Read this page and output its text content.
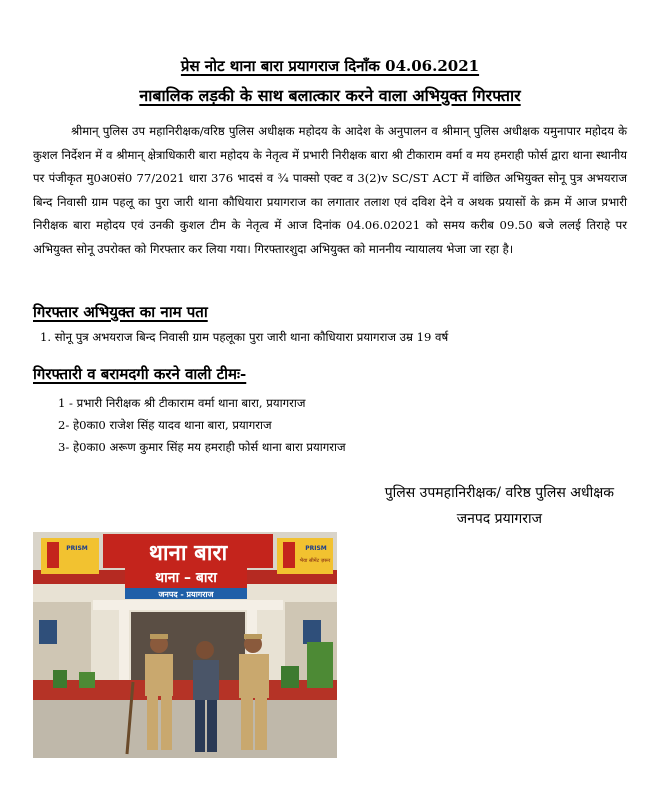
प्रेस नोट थाना बारा प्रयागराज दिनाँक 04.06.2021

नाबालिक लड़की के साथ बलात्कार करने वाला अभियुक्त गिरफ्तार

श्रीमान् पुलिस उप महानिरीक्षक/वरिष्ठ पुलिस अधीक्षक महोदय के आदेश के अनुपालन व श्रीमान् पुलिस अधीक्षक यमुनापार महोदय के कुशल निर्देशन में व श्रीमान् क्षेत्राधिकारी बारा महोदय के नेतृत्व में प्रभारी निरीक्षक बारा श्री टीकाराम वर्मा व मय हमराही फोर्स द्वारा थाना स्थानीय पर पंजीकृत मु0अ0सं0 77/2021 धारा 376 भादसं व ¾ पाक्सो एक्ट व 3(2)v SC/ST ACT में वांछित अभियुक्त सोनू पुत्र अभयराज बिन्द निवासी ग्राम पहलू का पुरा जारी थाना कौधियारा प्रयागराज का लगातार तलाश एवं दविश देने व अथक प्रयासों के क्रम में आज प्रभारी निरीक्षक बारा महोदय एवं उनकी कुशल टीम के नेतृत्व में आज दिनांक 04.06.02021 को समय करीब 09.50 बजे ललई तिराहे पर अभियुक्त सोनू उपरोक्त को गिरफ्तार कर लिया गया। गिरफ्तारशुदा अभियुक्त को माननीय न्यायालय भेजा जा रहा है।

गिरफ्तार अभियुक्त का नाम पता

1. सोनू पुत्र अभयराज बिन्द निवासी ग्राम पहलूका पुरा जारी थाना कौधियारा प्रयागराज उम्र 19 वर्ष

गिरफ्तारी व बरामदगी करने वाली टीमः-

1 - प्रभारी निरीक्षक श्री टीकाराम वर्मा थाना बारा, प्रयागराज
2- हे0का0 राजेश सिंह यादव थाना बारा, प्रयागराज
3- हे0का0 अरूण कुमार सिंह मय हमराही फोर्स थाना बारा प्रयागराज
पुलिस उपमहानिरीक्षक/ वरिष्ठ पुलिस अधीक्षक
जनपद प्रयागराज
थाना बारा
PRISM	PRISM
भैया सीमेंट ज़रूर
थाना – बारा
जनपद - प्रयागराज
